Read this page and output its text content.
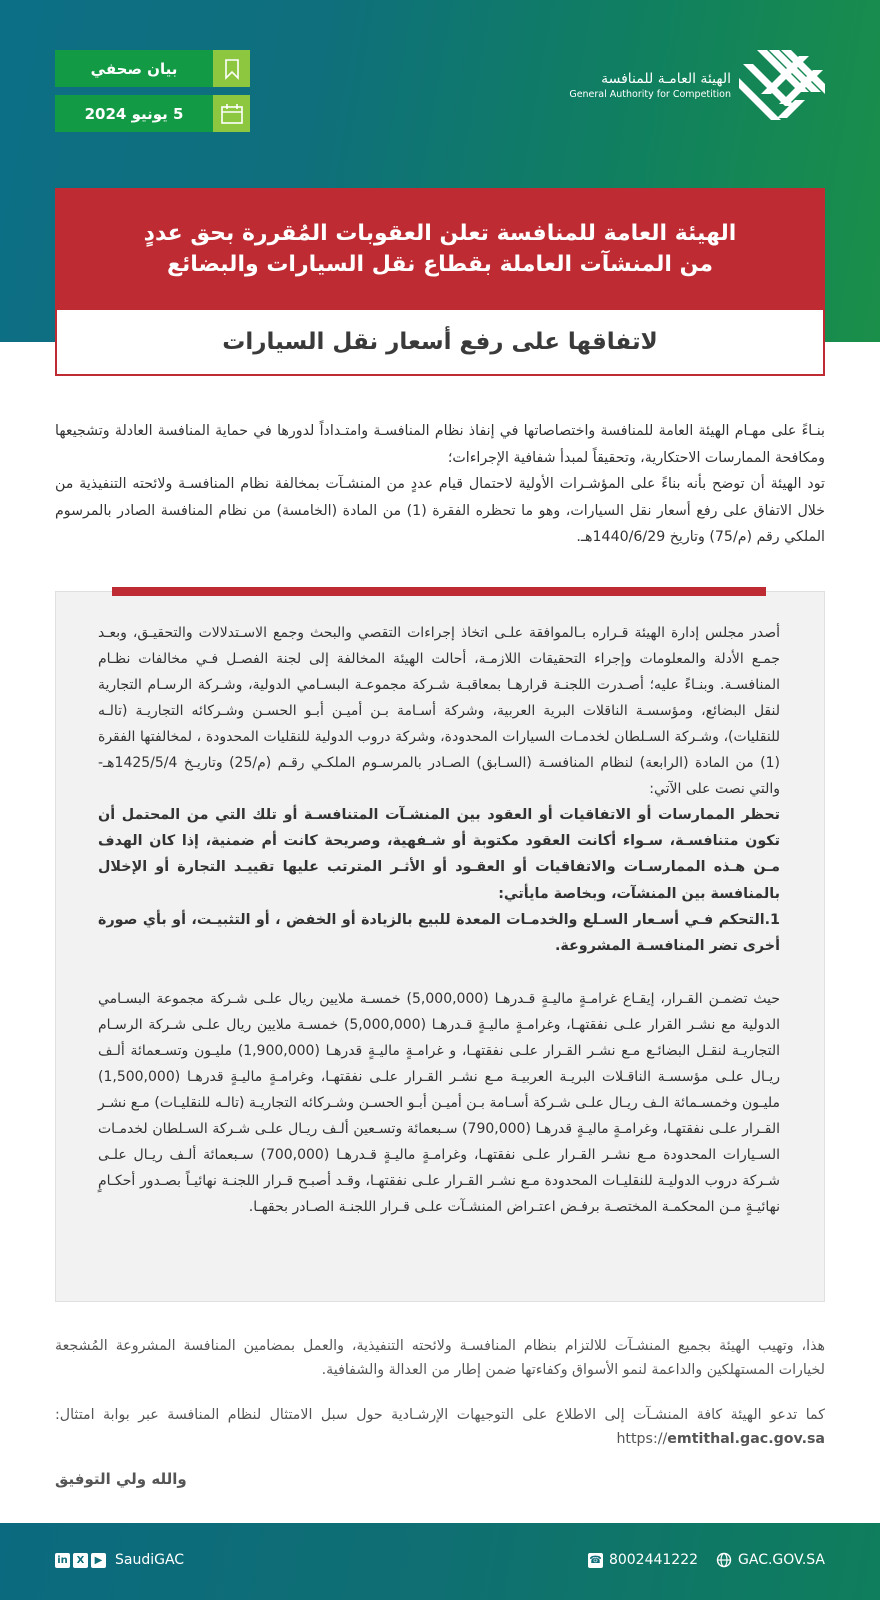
الهيئة العامـة للمنافسة
General Authority for Competition
بيان صحفي
5 يونيو 2024
الهيئة العامة للمنافسة تعلن العقوبات المُقررة بحق عددٍ
من المنشآت العاملة بقطاع نقل السيارات والبضائع
لاتفاقها على رفع أسعار نقل السيارات

بنـاءً على مهـام الهيئة العامة للمنافسة واختصاصاتها في إنفاذ نظام المنافسـة وامتـداداً لدورها في حماية المنافسة العادلة وتشجيعها ومكافحة الممارسات الاحتكارية، وتحقيقاً لمبدأ شفافية الإجراءات؛

تود الهيئة أن توضح بأنه بناءً على المؤشـرات الأولية لاحتمال قيام عددٍ من المنشـآت بمخالفة نظام المنافسـة ولائحته التنفيذية من خلال الاتفاق على رفع أسعار نقل السيارات، وهو ما تحظره الفقرة (1) من المادة (الخامسة) من نظام المنافسة الصادر بالمرسوم الملكي رقم (م/75) وتاريخ 1440/6/29هـ.

أصدر مجلس إدارة الهيئة قـراره بـالموافقة علـى اتخاذ إجراءات التقصي والبحث وجمع الاسـتدلالات والتحقيـق، وبعـد جمـع الأدلة والمعلومات وإجراء التحقيقات اللازمـة، أحالت الهيئة المخالفة إلى لجنة الفصـل فـي مخالفات نظـام المنافسـة. وبنـاءً عليه؛ أصـدرت اللجنـة قرارهـا بمعاقبـة شـركة مجموعـة البسـامي الدولية، وشـركة الرسـام التجارية لنقل البضائع، ومؤسسـة الناقلات البرية العربية، وشركة أسـامة بـن أميـن أبـو الحسـن وشـركائه التجاريـة (تالـه للنقليات)، وشـركة السـلطان لخدمـات السيارات المحدودة، وشركة دروب الدولية للنقليات المحدودة ، لمخالفتها الفقرة (1) من المادة (الرابعة) لنظام المنافسـة (السـابق) الصـادر بالمرسـوم الملكـي رقـم (م/25) وتاريـخ 1425/5/4هـ- والتي نصت على الآتي:

تحظر الممارسات أو الاتفاقيات أو العقود بين المنشـآت المتنافسـة أو تلك التي من المحتمل أن تكون متنافسـة، سـواء أكانت العقود مكتوبة أو شـفهية، وصريحة كانت أم ضمنية، إذا كان الهدف مـن هـذه الممارسـات والاتفاقيات أو العقـود أو الأثـر المترتب عليها تقييـد التجارة أو الإخلال بالمنافسة بين المنشآت، وبخاصة مايأتي:

1.التحكم فـي أسـعار السـلع والخدمـات المعدة للبيع بالزيادة أو الخفض ، أو التثبيـت، أو بأي صورة أخرى تضر المنافسـة المشروعة.

حيث تضمـن القـرار، إيقـاع غرامـةٍ ماليـةٍ قـدرهـا (5,000,000) خمسـة ملايين ريال علـى شـركة مجموعة البسـامي الدولية مع نشـر القرار علـى نفقتهـا، وغرامـةٍ ماليـةٍ قـدرهـا (5,000,000) خمسـة ملايين ريال علـى شـركة الرسـام التجاريـة لنقـل البضائـع مـع نشـر القـرار علـى نفقتهـا، و غرامـةٍ ماليـةٍ قدرهـا (1,900,000) مليـون وتسـعمائة ألـف ريـال علـى مؤسسـة الناقـلات البريـة العربيـة مـع نشـر القـرار علـى نفقتهـا، وغرامـةٍ ماليـةٍ قدرهـا (1,500,000) مليـون وخمسـمائة الـف ريـال علـى شـركة أسـامة بـن أميـن أبـو الحسـن وشـركائه التجاريـة (تالـه للنقليـات) مـع نشـر القـرار علـى نفقتهـا، وغرامـةٍ ماليـةٍ قدرهـا (790,000) سـبعمائة وتسـعين ألـف ريـال علـى شـركة السـلطان لخدمـات السـيارات المحدودة مـع نشـر القـرار علـى نفقتهـا، وغرامـةٍ ماليـةٍ قـدرهـا (700,000) سـبعمائة ألـف ريـال علـى شـركة دروب الدوليـة للنقليـات المحدودة مـع نشـر القـرار علـى نفقتهـا، وقـد أصبـح قـرار اللجنـة نهائيـاً بصـدور أحكـامٍ نهائيـةٍ مـن المحكمـة المختصـة برفـض اعتـراض المنشـآت علـى قـرار اللجنـة الصـادر بحقهـا.

هذا، وتهيب الهيئة بجميع المنشـآت للالتزام بنظام المنافسـة ولائحته التنفيذية، والعمل بمضامين المنافسة المشروعة المُشجعة لخيارات المستهلكين والداعمة لنمو الأسواق وكفاءتها ضمن إطار من العدالة والشفافية.
كما تدعو الهيئة كافة المنشـآت إلى الاطلاع على التوجيهات الإرشـادية حول سبل الامتثال لنظام المنافسة عبر بوابة امتثال: https://emtithal.gac.gov.sa
والله ولي التوفيق
in X	▶ SaudiGAC	☎ 8002441222	GAC.GOV.SA
